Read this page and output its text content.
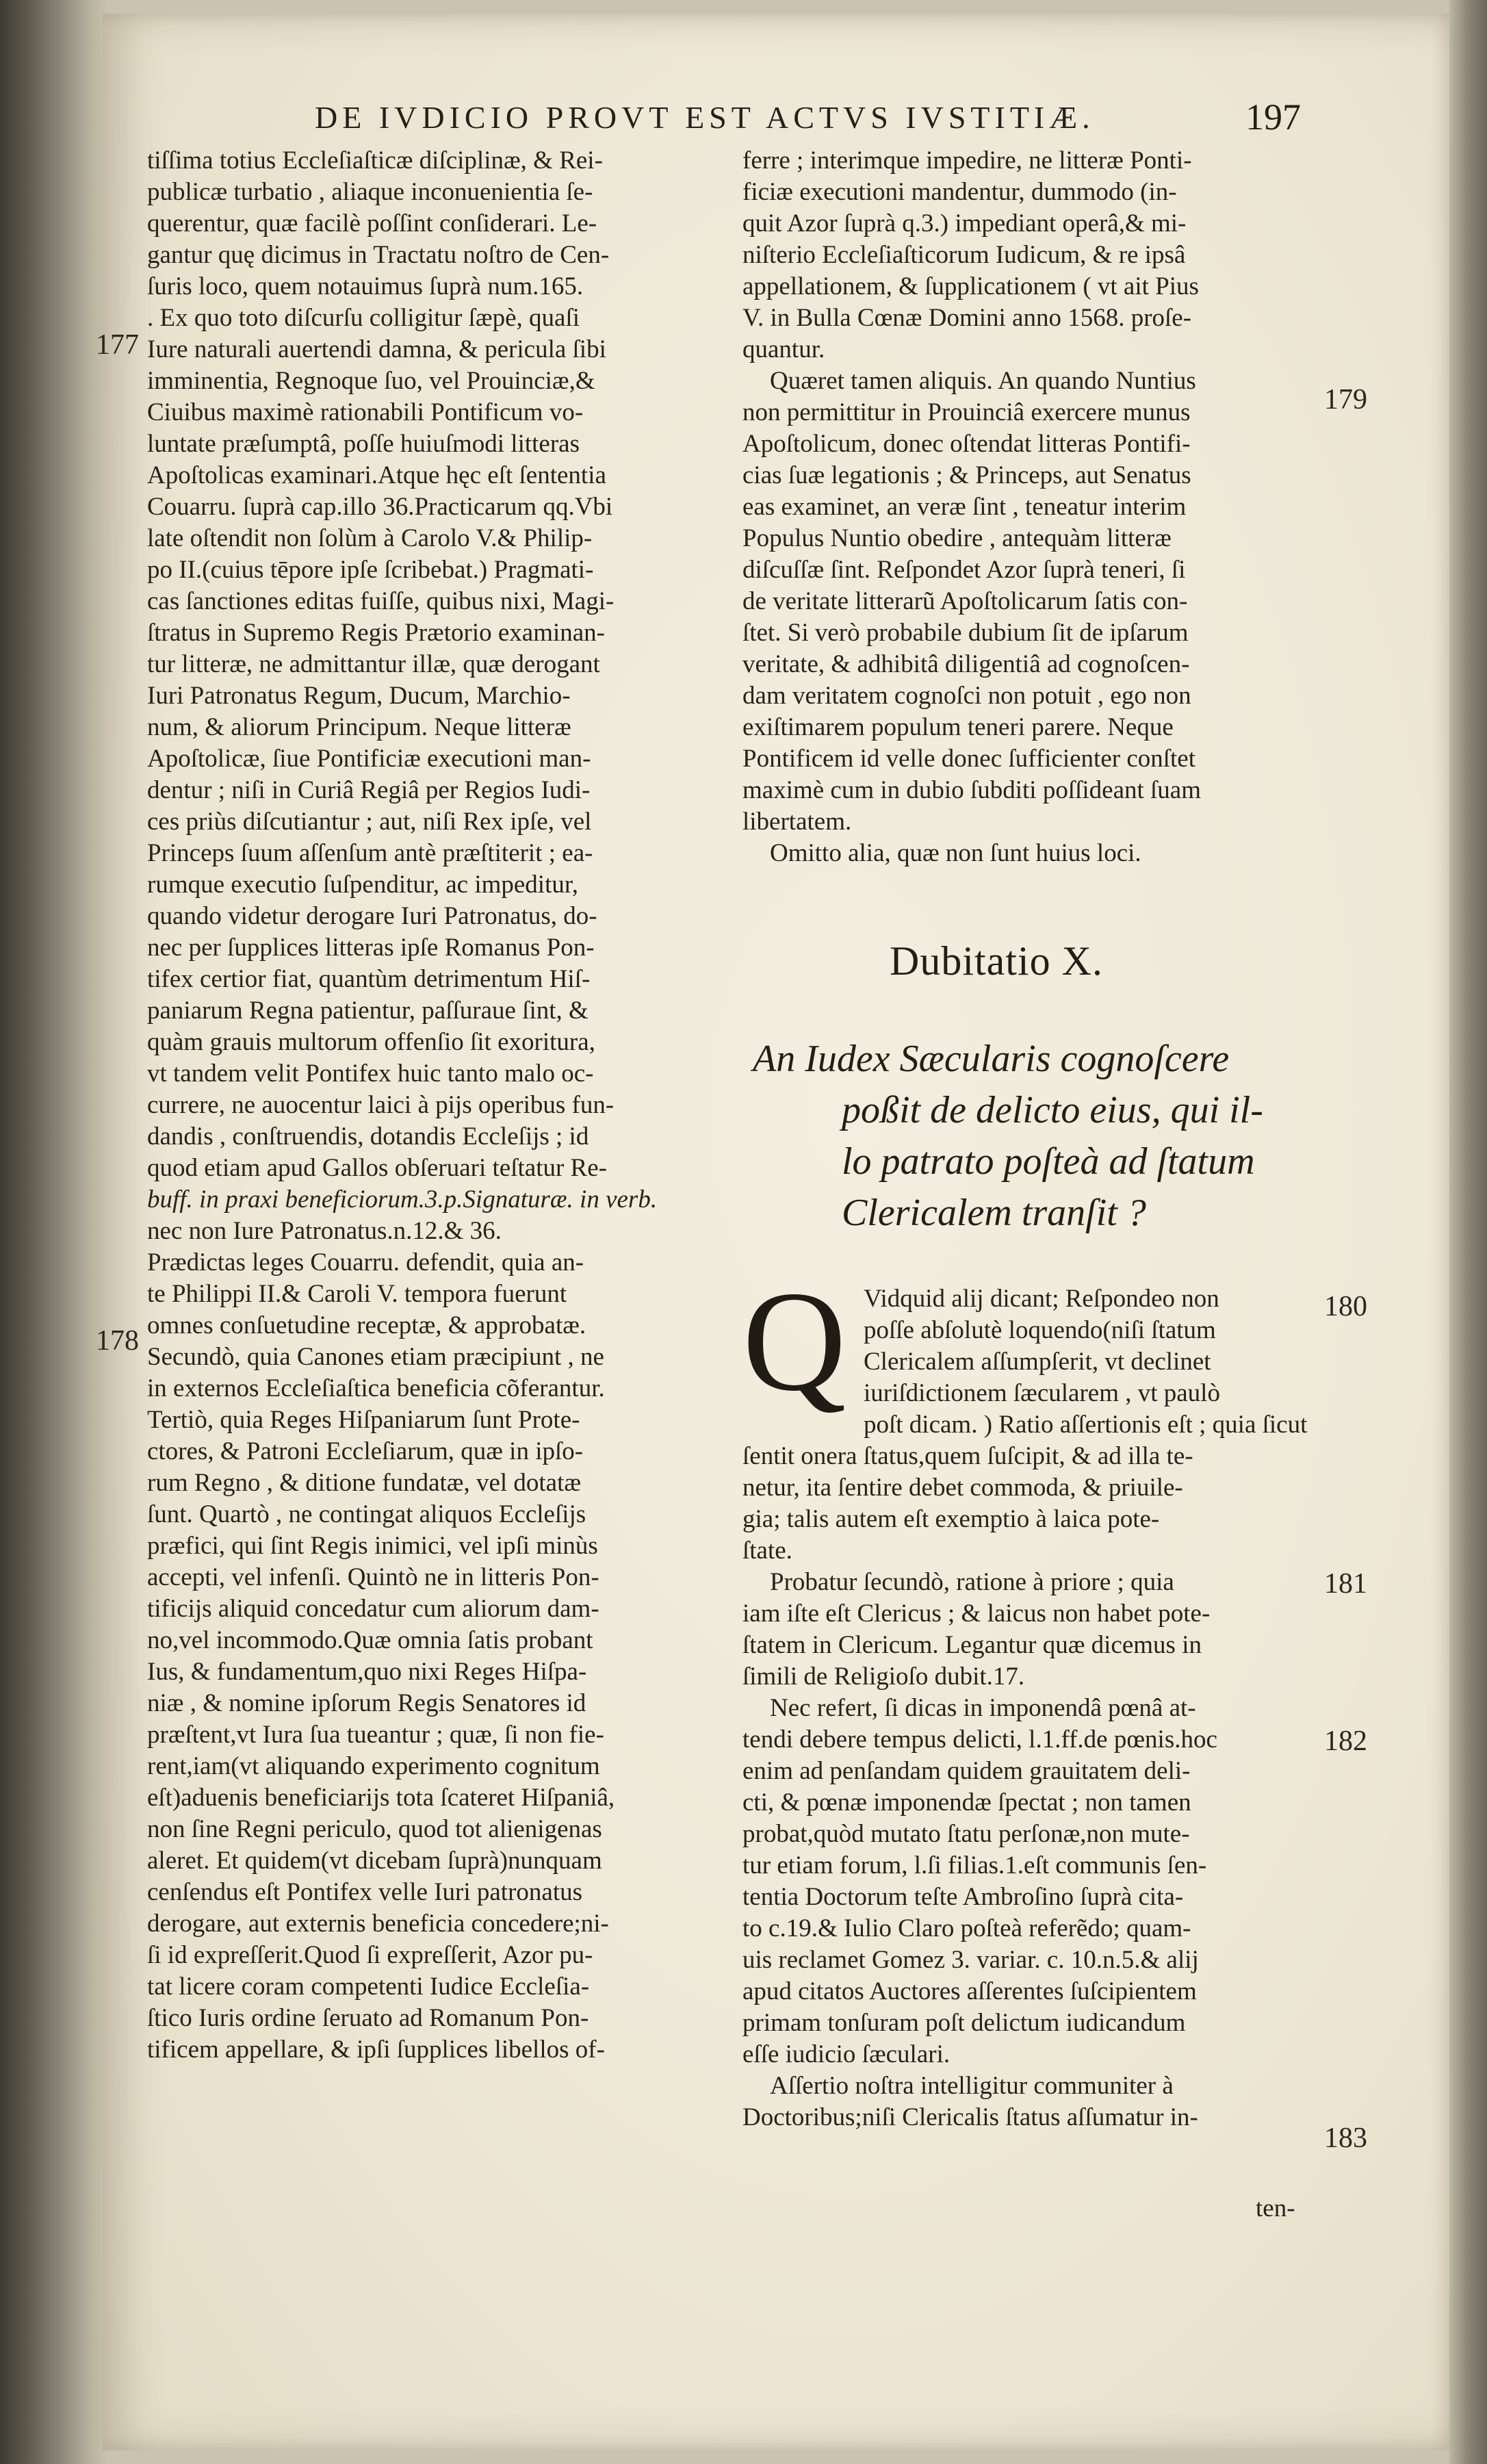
DE IVDICIO PROVT EST ACTVS IVSTITIÆ.	197
tiſſima totius Eccleſiaſticæ diſciplinæ, & Rei-
publicæ turbatio , aliaque inconuenientia ſe-
querentur, quæ facilè poſſint conſiderari. Le-
gantur quę dicimus in Tractatu noſtro de Cen-
ſuris loco, quem notauimus ſuprà num.165.
. Ex quo toto diſcurſu colligitur ſæpè, quaſi
Iure naturali auertendi damna, & pericula ſibi
imminentia, Regnoque ſuo, vel Prouinciæ,&
Ciuibus maximè rationabili Pontificum vo-
luntate præſumptâ, poſſe huiuſmodi litteras
Apoſtolicas examinari.Atque hęc eſt ſententia
Couarru. ſuprà cap.illo 36.Practicarum qq.Vbi
late oſtendit non ſolùm à Carolo V.& Philip-
po II.(cuius tēpore ipſe ſcribebat.) Pragmati-
cas ſanctiones editas fuiſſe, quibus nixi, Magi-
ſtratus in Supremo Regis Prætorio examinan-
tur litteræ, ne admittantur illæ, quæ derogant
Iuri Patronatus Regum, Ducum, Marchio-
num, & aliorum Principum. Neque litteræ
Apoſtolicæ, ſiue Pontificiæ executioni man-
dentur ; niſi in Curiâ Regiâ per Regios Iudi-
ces priùs diſcutiantur ; aut, niſi Rex ipſe, vel
Princeps ſuum aſſenſum antè præſtiterit ; ea-
rumque executio ſuſpenditur, ac impeditur,
quando videtur derogare Iuri Patronatus, do-
nec per ſupplices litteras ipſe Romanus Pon-
tifex certior fiat, quantùm detrimentum Hiſ-
paniarum Regna patientur, paſſuraue ſint, &
quàm grauis multorum offenſio ſit exoritura,
vt tandem velit Pontifex huic tanto malo oc-
currere, ne auocentur laici à pijs operibus fun-
dandis , conſtruendis, dotandis Eccleſijs ; id
quod etiam apud Gallos obſeruari teſtatur Re-
buff. in praxi beneficiorum.3.p.Signaturæ. in verb.
nec non Iure Patronatus.n.12.& 36.
Prædictas leges Couarru. defendit, quia an-
te Philippi II.& Caroli V. tempora fuerunt
omnes conſuetudine receptæ, & approbatæ.
Secundò, quia Canones etiam præcipiunt , ne
in externos Eccleſiaſtica beneficia cõferantur.
Tertiò, quia Reges Hiſpaniarum ſunt Prote-
ctores, & Patroni Eccleſiarum, quæ in ipſo-
rum Regno , & ditione fundatæ, vel dotatæ
ſunt. Quartò , ne contingat aliquos Eccleſijs
præfici, qui ſint Regis inimici, vel ipſi minùs
accepti, vel infenſi. Quintò ne in litteris Pon-
tificijs aliquid concedatur cum aliorum dam-
no,vel incommodo.Quæ omnia ſatis probant
Ius, & fundamentum,quo nixi Reges Hiſpa-
niæ , & nomine ipſorum Regis Senatores id
præſtent,vt Iura ſua tueantur ; quæ, ſi non fie-
rent,iam(vt aliquando experimento cognitum
eſt)aduenis beneficiarijs tota ſcateret Hiſpaniâ,
non ſine Regni periculo, quod tot alienigenas
aleret. Et quidem(vt dicebam ſuprà)nunquam
cenſendus eſt Pontifex velle Iuri patronatus
derogare, aut externis beneficia concedere;ni-
ſi id expreſſerit.Quod ſi expreſſerit, Azor pu-
tat licere coram competenti Iudice Eccleſia-
ſtico Iuris ordine ſeruato ad Romanum Pon-
tificem appellare, & ipſi ſupplices libellos of-
177
178
ferre ; interimque impedire, ne litteræ Ponti-
ficiæ executioni mandentur, dummodo (in-
quit Azor ſuprà q.3.) impediant operâ,& mi-
niſterio Eccleſiaſticorum Iudicum, & re ipsâ
appellationem, & ſupplicationem ( vt ait Pius
V. in Bulla Cœnæ Domini anno 1568. proſe-
quantur.
Quæret tamen aliquis. An quando Nuntius
non permittitur in Prouinciâ exercere munus
Apoſtolicum, donec oſtendat litteras Pontifi-
cias ſuæ legationis ; & Princeps, aut Senatus
eas examinet, an veræ ſint , teneatur interim
Populus Nuntio obedire , antequàm litteræ
diſcuſſæ ſint. Reſpondet Azor ſuprà teneri, ſi
de veritate litterarũ Apoſtolicarum ſatis con-
ſtet. Si verò probabile dubium ſit de ipſarum
veritate, & adhibitâ diligentiâ ad cognoſcen-
dam veritatem cognoſci non potuit , ego non
exiſtimarem populum teneri parere. Neque
Pontificem id velle donec ſufficienter conſtet
maximè cum in dubio ſubditi poſſideant ſuam
libertatem.
Omitto alia, quæ non ſunt huius loci.
179
Dubitatio X.
An Iudex Sæcularis cognoſcere
poßit de delicto eius, qui il-
lo patrato poſteà ad ſtatum
Clericalem tranſit ?
Q Vidquid alij dicant; Reſpondeo non
poſſe abſolutè loquendo(niſi ſtatum
Clericalem aſſumpſerit, vt declinet
iuriſdictionem ſæcularem , vt paulò
poſt dicam. ) Ratio aſſertionis eſt ; quia ſicut
180
ſentit onera ſtatus,quem ſuſcipit, & ad illa te-
netur, ita ſentire debet commoda, & priuile-
gia; talis autem eſt exemptio à laica pote-
ſtate.
Probatur ſecundò, ratione à priore ; quia
iam iſte eſt Clericus ; & laicus non habet pote-
ſtatem in Clericum. Legantur quæ dicemus in
ſimili de Religioſo dubit.17.
Nec refert, ſi dicas in imponendâ pœnâ at-
tendi debere tempus delicti, l.1.ff.de pœnis.hoc
enim ad penſandam quidem grauitatem deli-
cti, & pœnæ imponendæ ſpectat ; non tamen
probat,quòd mutato ſtatu perſonæ,non mute-
tur etiam forum, l.ſi filias.1.eſt communis ſen-
tentia Doctorum teſte Ambroſino ſuprà cita-
to c.19.& Iulio Claro poſteà referẽdo; quam-
uis reclamet Gomez 3. variar. c. 10.n.5.& alij
apud citatos Auctores aſſerentes ſuſcipientem
primam tonſuram poſt delictum iudicandum
eſſe iudicio ſæculari.
Aſſertio noſtra intelligitur communiter à
Doctoribus;niſi Clericalis ſtatus aſſumatur in-
181
182
183
ten-
